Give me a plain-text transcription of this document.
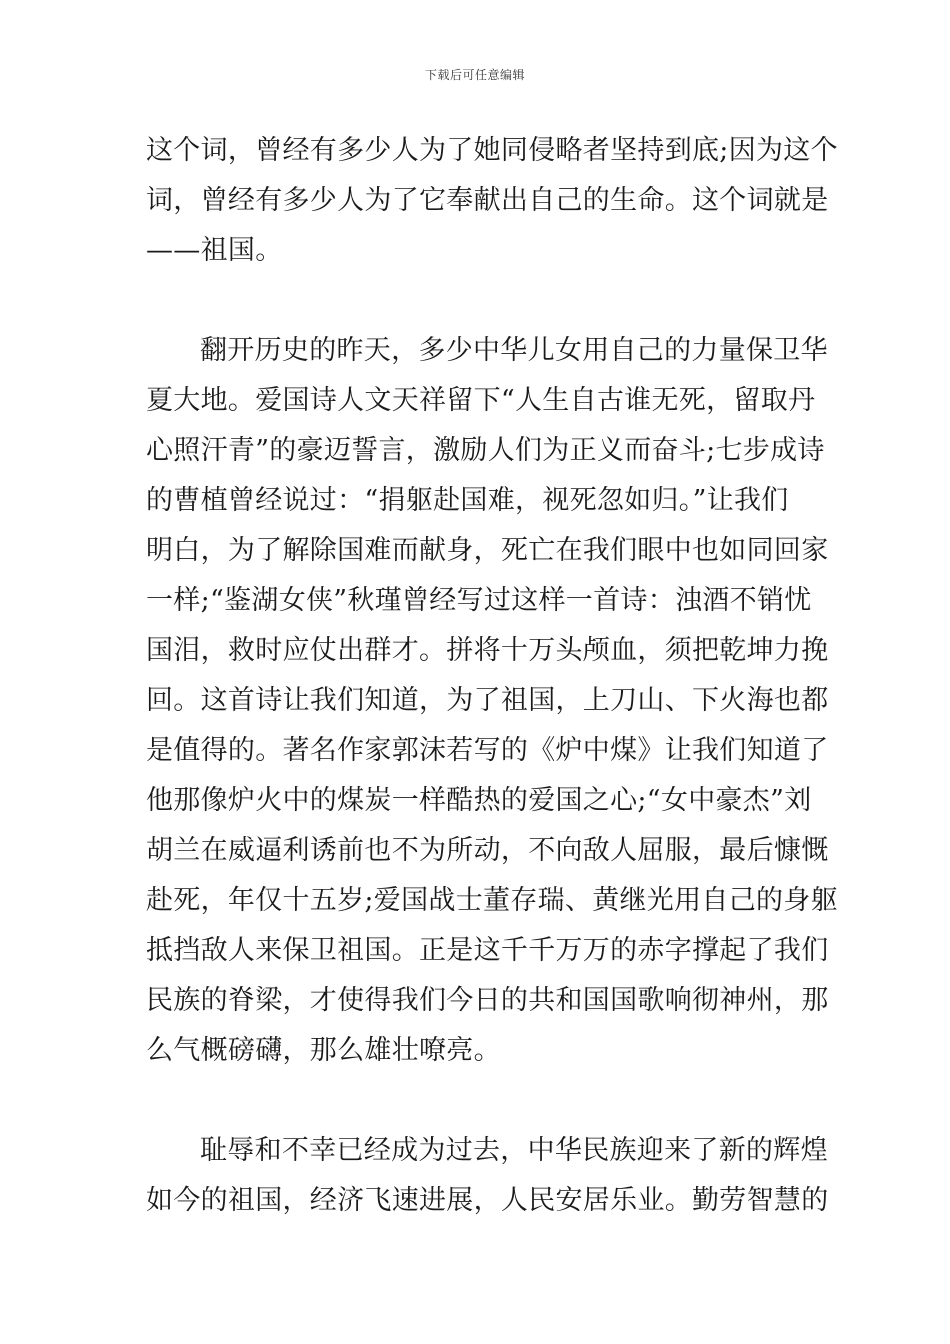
下载后可任意编辑
这个词，曾经有多少人为了她同侵略者坚持到底;因为这个
词，曾经有多少人为了它奉献出自己的生命。这个词就是
——祖国。
翻开历史的昨天，多少中华儿女用自己的力量保卫华
夏大地。爱国诗人文天祥留下“人生自古谁无死，留取丹
心照汗青”的豪迈誓言，激励人们为正义而奋斗;七步成诗
的曹植曾经说过：“捐躯赴国难，视死忽如归。”让我们
明白，为了解除国难而献身，死亡在我们眼中也如同回家
一样;“鉴湖女侠”秋瑾曾经写过这样一首诗：浊酒不销忧
国泪，救时应仗出群才。拼将十万头颅血，须把乾坤力挽
回。这首诗让我们知道，为了祖国，上刀山、下火海也都
是值得的。著名作家郭沫若写的《炉中煤》让我们知道了
他那像炉火中的煤炭一样酷热的爱国之心;“女中豪杰”刘
胡兰在威逼利诱前也不为所动，不向敌人屈服，最后慷慨
赴死，年仅十五岁;爱国战士董存瑞、黄继光用自己的身躯
抵挡敌人来保卫祖国。正是这千千万万的赤字撑起了我们
民族的脊梁，才使得我们今日的共和国国歌响彻神州，那
么气概磅礴，那么雄壮嘹亮。
耻辱和不幸已经成为过去，中华民族迎来了新的辉煌
如今的祖国，经济飞速进展，人民安居乐业。勤劳智慧的
